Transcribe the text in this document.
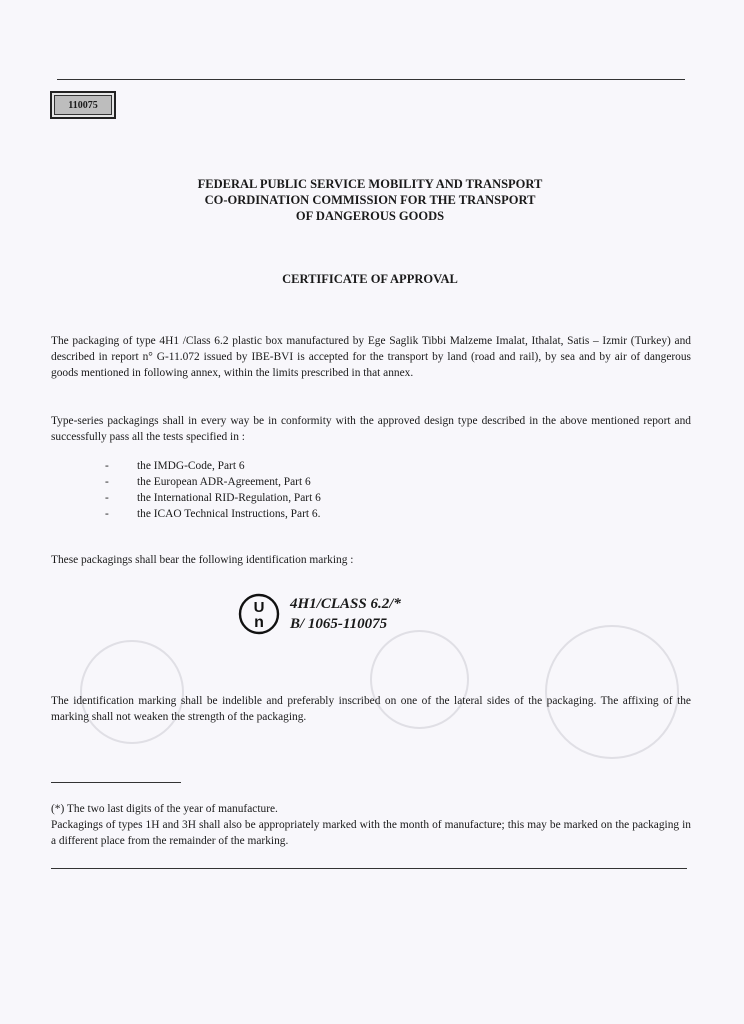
110075
FEDERAL PUBLIC SERVICE MOBILITY AND TRANSPORT
CO-ORDINATION COMMISSION FOR THE TRANSPORT
OF DANGEROUS GOODS
CERTIFICATE OF APPROVAL
The packaging of type 4H1 /Class 6.2 plastic box manufactured by Ege Saglik Tibbi Malzeme Imalat, Ithalat, Satis – Izmir (Turkey) and described in report n° G-11.072 issued by IBE-BVI is accepted for the transport by land (road and rail), by sea and by air of dangerous goods mentioned in following annex, within the limits prescribed in that annex.
Type-series packagings shall in every way be in conformity with the approved design type described in the above mentioned report and successfully pass all the tests specified in :
- the IMDG-Code, Part 6
- the European ADR-Agreement, Part 6
- the International RID-Regulation, Part 6
- the ICAO Technical Instructions, Part 6.
These packagings shall bear the following identification marking :
U
n
4H1/CLASS 6.2/*
B/ 1065-110075
The identification marking shall be indelible and preferably inscribed on one of the lateral sides of the packaging. The affixing of the marking shall not weaken the strength of the packaging.
(*) The two last digits of the year of manufacture.
Packagings of types 1H and 3H shall also be appropriately marked with the month of manufacture; this may be marked on the packaging in a different place from the remainder of the marking.
